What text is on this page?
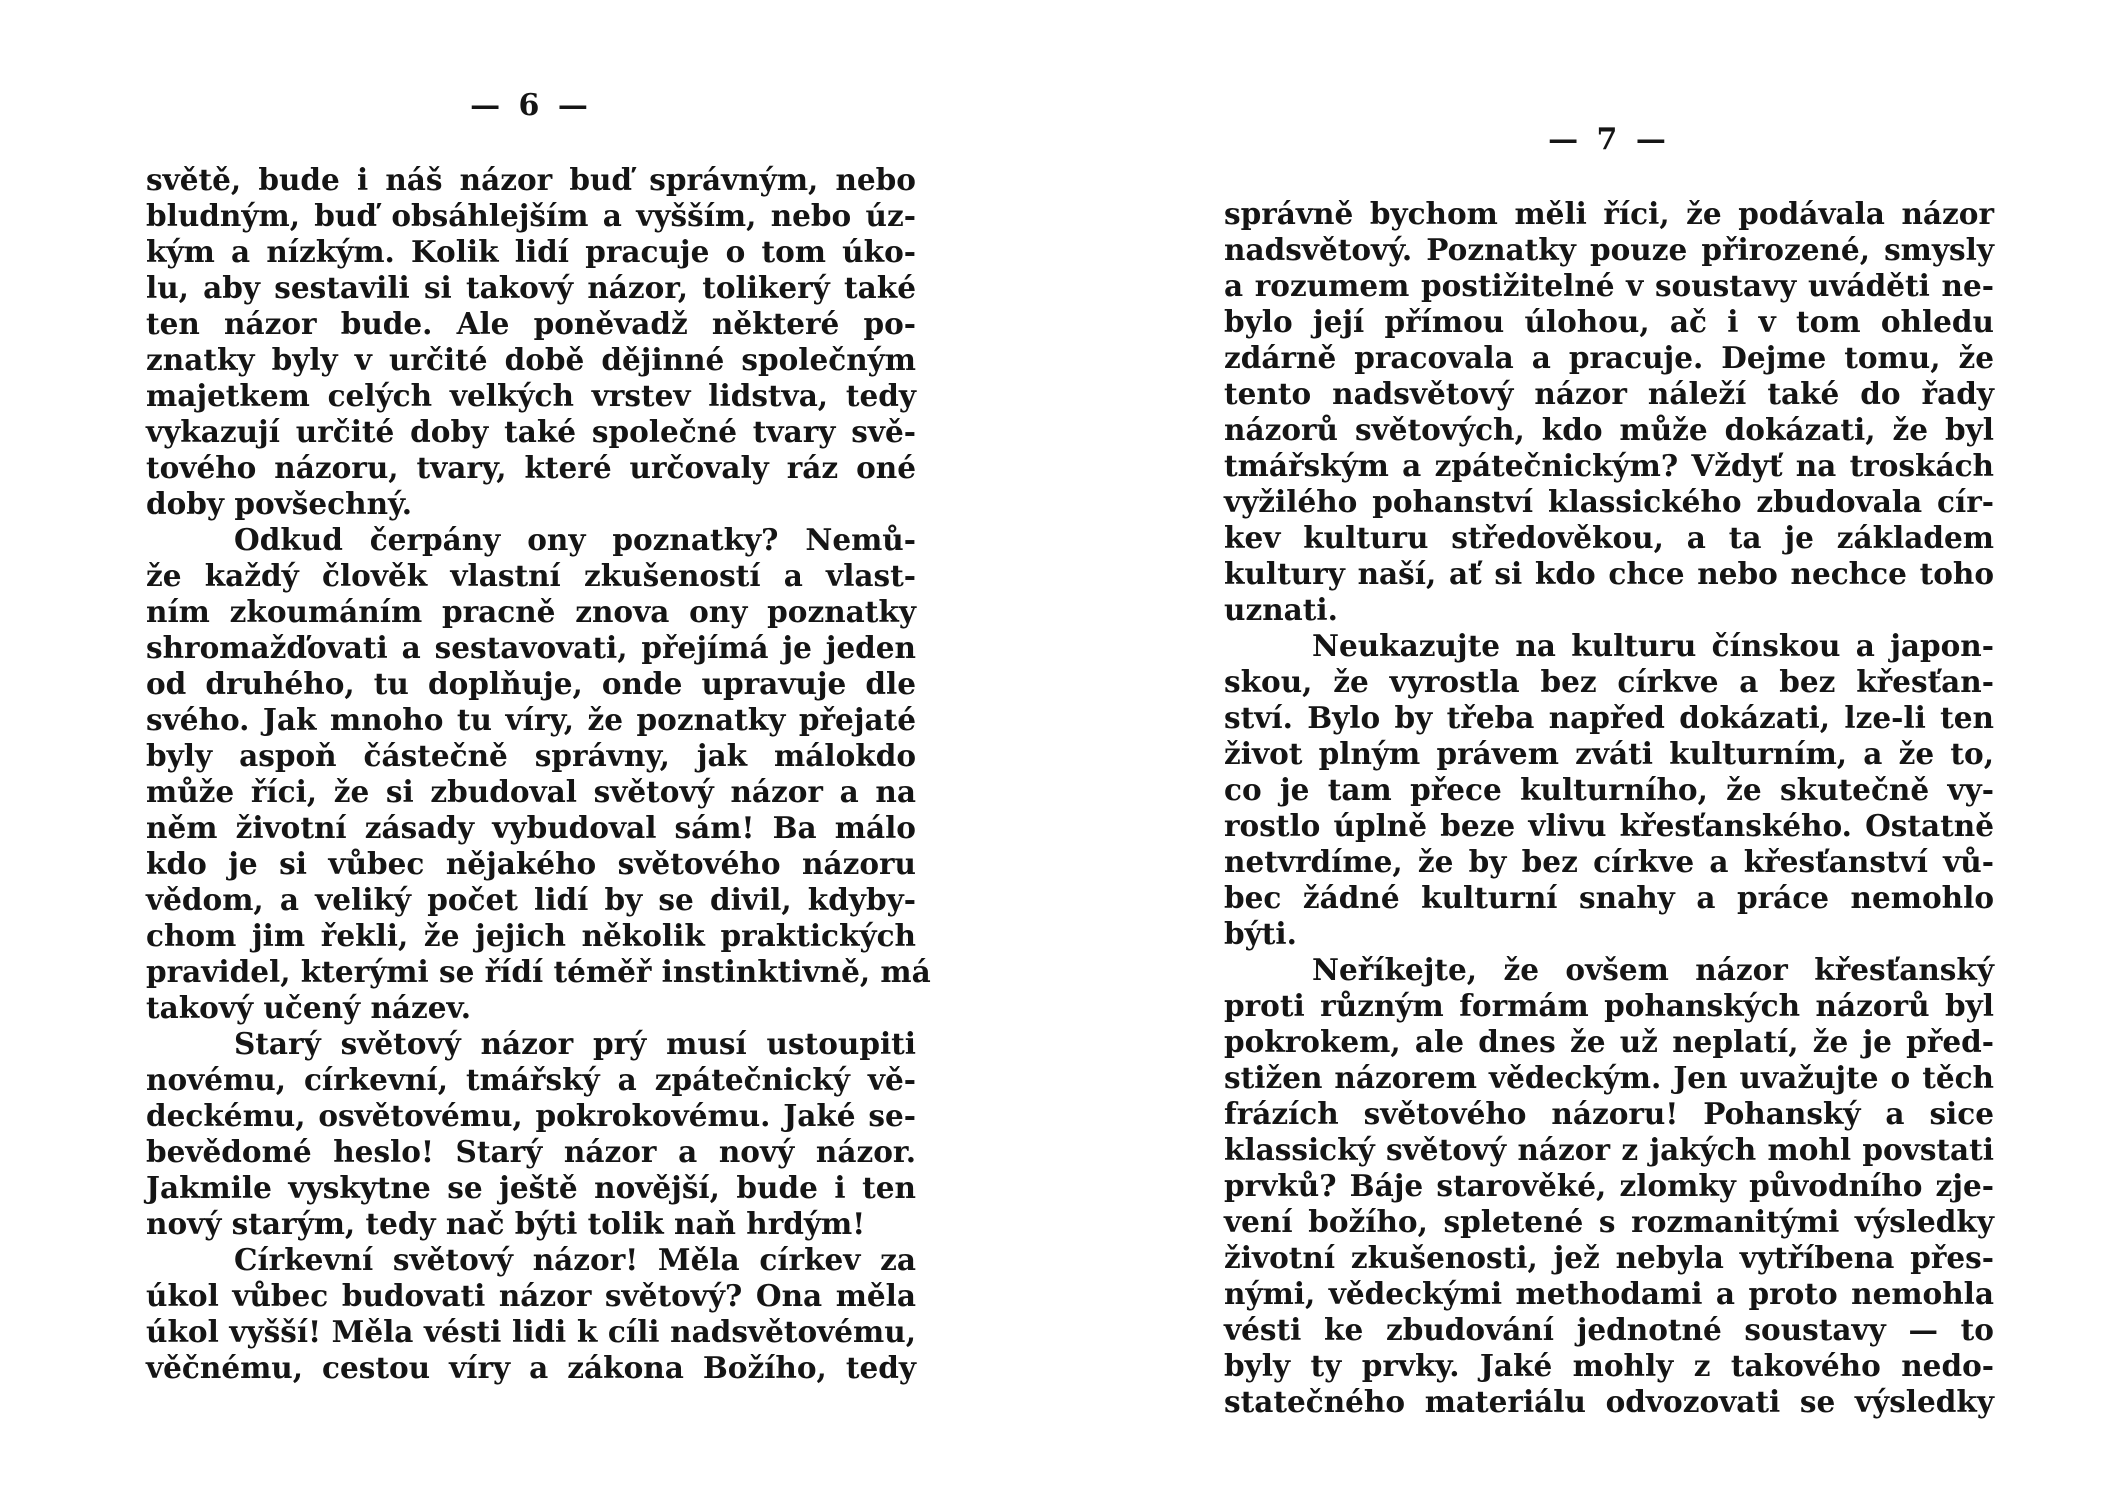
— 6 —
světě, bude i náš názor buď správným, nebo
bludným, buď obsáhlejším a vyšším, nebo úz-
kým a nízkým. Kolik lidí pracuje o tom úko-
lu, aby sestavili si takový názor, tolikerý také
ten názor bude. Ale poněvadž některé po-
znatky byly v určité době dějinné společným
majetkem celých velkých vrstev lidstva, tedy
vykazují určité doby také společné tvary svě-
tového názoru, tvary, které určovaly ráz oné
doby povšechný.
Odkud čerpány ony poznatky? Nemů-
že každý člověk vlastní zkušeností a vlast-
ním zkoumáním pracně znova ony poznatky
shromažďovati a sestavovati, přejímá je jeden
od druhého, tu doplňuje, onde upravuje dle
svého. Jak mnoho tu víry, že poznatky přejaté
byly aspoň částečně správny, jak málokdo
může říci, že si zbudoval světový názor a na
něm životní zásady vybudoval sám! Ba málo
kdo je si vůbec nějakého světového názoru
vědom, a veliký počet lidí by se divil, kdyby-
chom jim řekli, že jejich několik praktických
pravidel, kterými se řídí téměř instinktivně, má
takový učený název.
Starý světový názor prý musí ustoupiti
novému, církevní, tmářský a zpátečnický vě-
deckému, osvětovému, pokrokovému. Jaké se-
bevědomé heslo! Starý názor a nový názor.
Jakmile vyskytne se ještě novější, bude i ten
nový starým, tedy nač býti tolik naň hrdým!
Církevní světový názor! Měla církev za
úkol vůbec budovati názor světový? Ona měla
úkol vyšší! Měla vésti lidi k cíli nadsvětovému,
věčnému, cestou víry a zákona Božího, tedy
— 7 —
správně bychom měli říci, že podávala názor
nadsvětový. Poznatky pouze přirozené, smysly
a rozumem postižitelné v soustavy uváděti ne-
bylo její přímou úlohou, ač i v tom ohledu
zdárně pracovala a pracuje. Dejme tomu, že
tento nadsvětový názor náleží také do řady
názorů světových, kdo může dokázati, že byl
tmářským a zpátečnickým? Vždyť na troskách
vyžilého pohanství klassického zbudovala cír-
kev kulturu středověkou, a ta je základem
kultury naší, ať si kdo chce nebo nechce toho
uznati.
Neukazujte na kulturu čínskou a japon-
skou, že vyrostla bez církve a bez křesťan-
ství. Bylo by třeba napřed dokázati, lze-li ten
život plným právem zváti kulturním, a že to,
co je tam přece kulturního, že skutečně vy-
rostlo úplně beze vlivu křesťanského. Ostatně
netvrdíme, že by bez církve a křesťanství vů-
bec žádné kulturní snahy a práce nemohlo
býti.
Neříkejte, že ovšem názor křesťanský
proti různým formám pohanských názorů byl
pokrokem, ale dnes že už neplatí, že je před-
stižen názorem vědeckým. Jen uvažujte o těch
frázích světového názoru! Pohanský a sice
klassický světový názor z jakých mohl povstati
prvků? Báje starověké, zlomky původního zje-
vení božího, spletené s rozmanitými výsledky
životní zkušenosti, jež nebyla vytříbena přes-
nými, vědeckými methodami a proto nemohla
vésti ke zbudování jednotné soustavy — to
byly ty prvky. Jaké mohly z takového nedo-
statečného materiálu odvozovati se výsledky
